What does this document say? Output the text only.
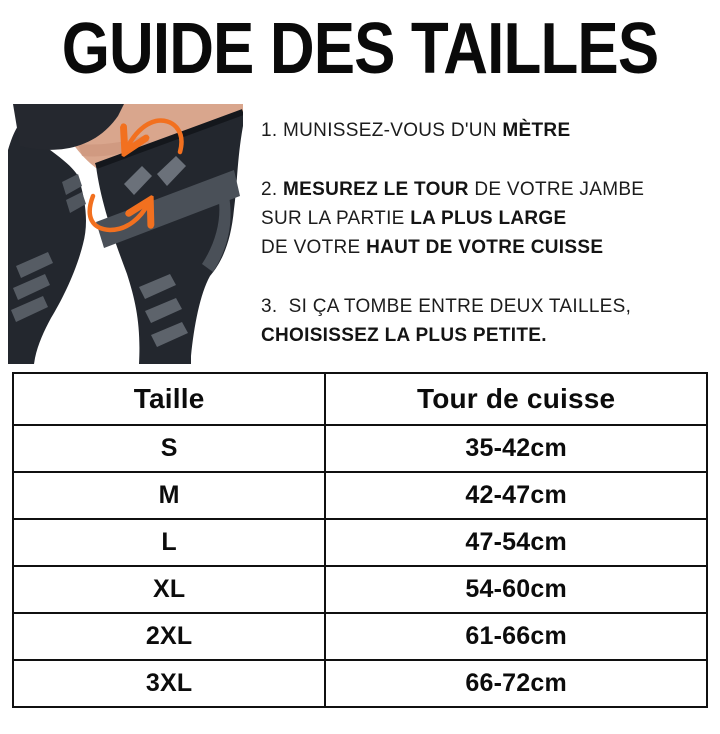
GUIDE DES TAILLES

1. MUNISSEZ-VOUS D'UN MÈTRE

2. MESUREZ LE TOUR DE VOTRE JAMBE
SUR LA PARTIE LA PLUS LARGE
DE VOTRE HAUT DE VOTRE CUISSE

3.  SI ÇA TOMBE ENTRE DEUX TAILLES,
CHOISISSEZ LA PLUS PETITE.

Taille	Tour de cuisse
S	35-42cm
M	42-47cm
L	47-54cm
XL	54-60cm
2XL	61-66cm
3XL	66-72cm
